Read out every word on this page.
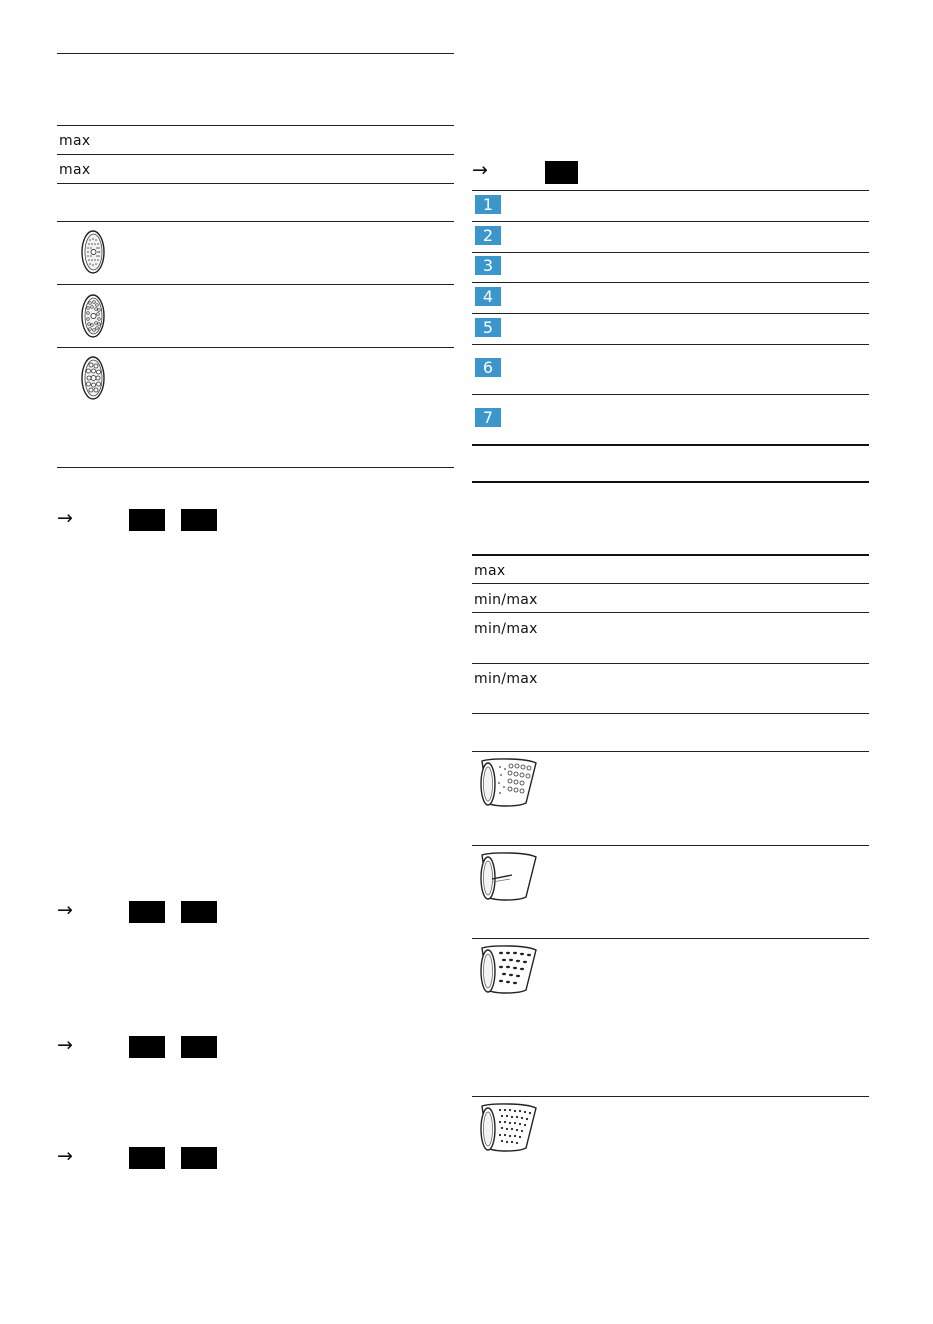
max
max
→
→
→
→
→
1
2
3
4
5
6
7
max
min/max
min/max
min/max
